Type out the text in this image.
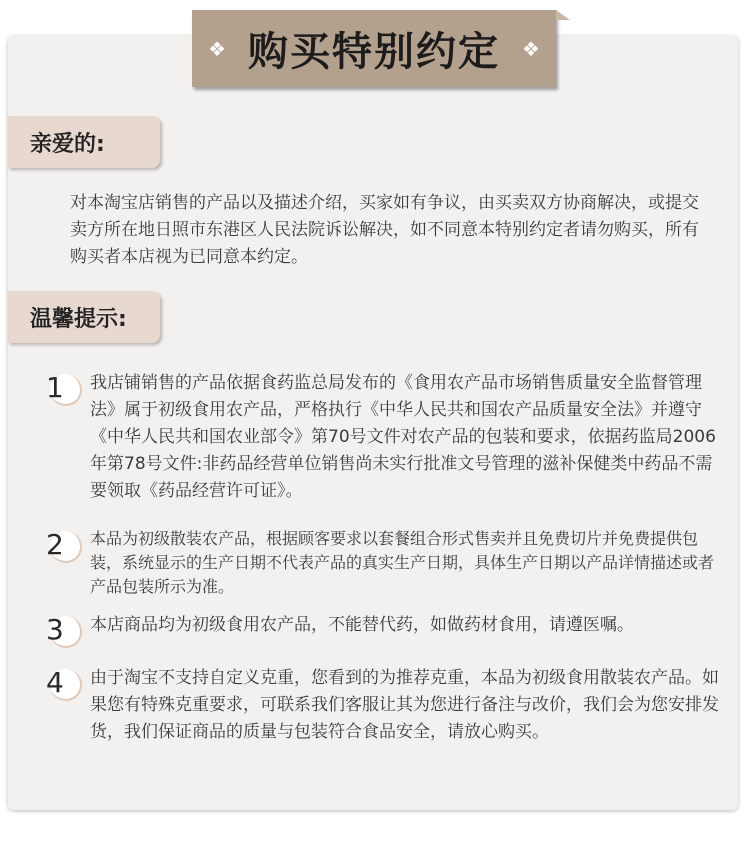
❖ 购买特别约定 ❖
亲爱的:
对本淘宝店销售的产品以及描述介绍，买家如有争议，由买卖双方协商解决，或提交卖方所在地日照市东港区人民法院诉讼解决，如不同意本特别约定者请勿购买，所有购买者本店视为已同意本约定。
温馨提示:
1 我店铺销售的产品依据食药监总局发布的《食用农产品市场销售质量安全监督管理法》属于初级食用农产品，严格执行《中华人民共和国农产品质量安全法》并遵守《中华人民共和国农业部令》第70号文件对农产品的包装和要求，依据药监局2006年第78号文件:非药品经营单位销售尚未实行批准文号管理的滋补保健类中药品不需要领取《药品经营许可证》。
2 本品为初级散装农产品，根据顾客要求以套餐组合形式售卖并且免费切片并免费提供包装，系统显示的生产日期不代表产品的真实生产日期，具体生产日期以产品详情描述或者产品包装所示为准。
3 本店商品均为初级食用农产品，不能替代药，如做药材食用，请遵医嘱。
4 由于淘宝不支持自定义克重，您看到的为推荐克重，本品为初级食用散装农产品。如果您有特殊克重要求，可联系我们客服让其为您进行备注与改价，我们会为您安排发货，我们保证商品的质量与包装符合食品安全，请放心购买。
